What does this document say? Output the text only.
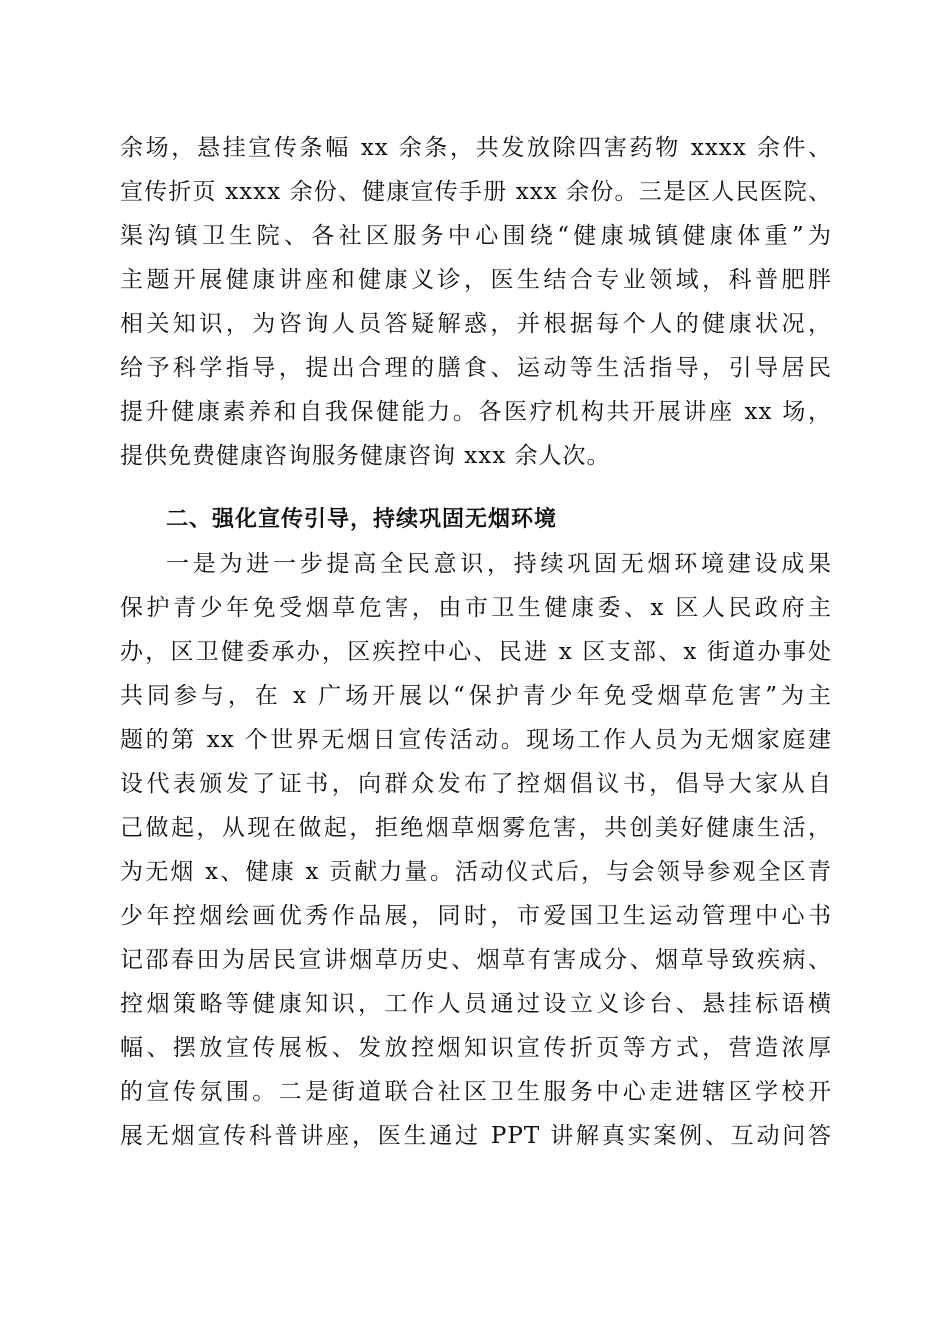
余场，悬挂宣传条幅 xx 余条，共发放除四害药物 xxxx 余件、
宣传折页 xxxx 余份、健康宣传手册 xxx 余份。三是区人民医院、
渠沟镇卫生院、各社区服务中心围绕“健康城镇健康体重”为
主题开展健康讲座和健康义诊，医生结合专业领域，科普肥胖
相关知识，为咨询人员答疑解惑，并根据每个人的健康状况，
给予科学指导，提出合理的膳食、运动等生活指导，引导居民
提升健康素养和自我保健能力。各医疗机构共开展讲座 xx 场，
提供免费健康咨询服务健康咨询 xxx 余人次。
二、强化宣传引导，持续巩固无烟环境
一是为进一步提高全民意识，持续巩固无烟环境建设成果
保护青少年免受烟草危害，由市卫生健康委、x 区人民政府主
办，区卫健委承办，区疾控中心、民进 x 区支部、x 街道办事处
共同参与，在 x 广场开展以“保护青少年免受烟草危害”为主
题的第 xx 个世界无烟日宣传活动。现场工作人员为无烟家庭建
设代表颁发了证书，向群众发布了控烟倡议书，倡导大家从自
己做起，从现在做起，拒绝烟草烟雾危害，共创美好健康生活，
为无烟 x、健康 x 贡献力量。活动仪式后，与会领导参观全区青
少年控烟绘画优秀作品展，同时，市爱国卫生运动管理中心书
记邵春田为居民宣讲烟草历史、烟草有害成分、烟草导致疾病、
控烟策略等健康知识，工作人员通过设立义诊台、悬挂标语横
幅、摆放宣传展板、发放控烟知识宣传折页等方式，营造浓厚
的宣传氛围。二是街道联合社区卫生服务中心走进辖区学校开
展无烟宣传科普讲座，医生通过 PPT 讲解真实案例、互动问答
